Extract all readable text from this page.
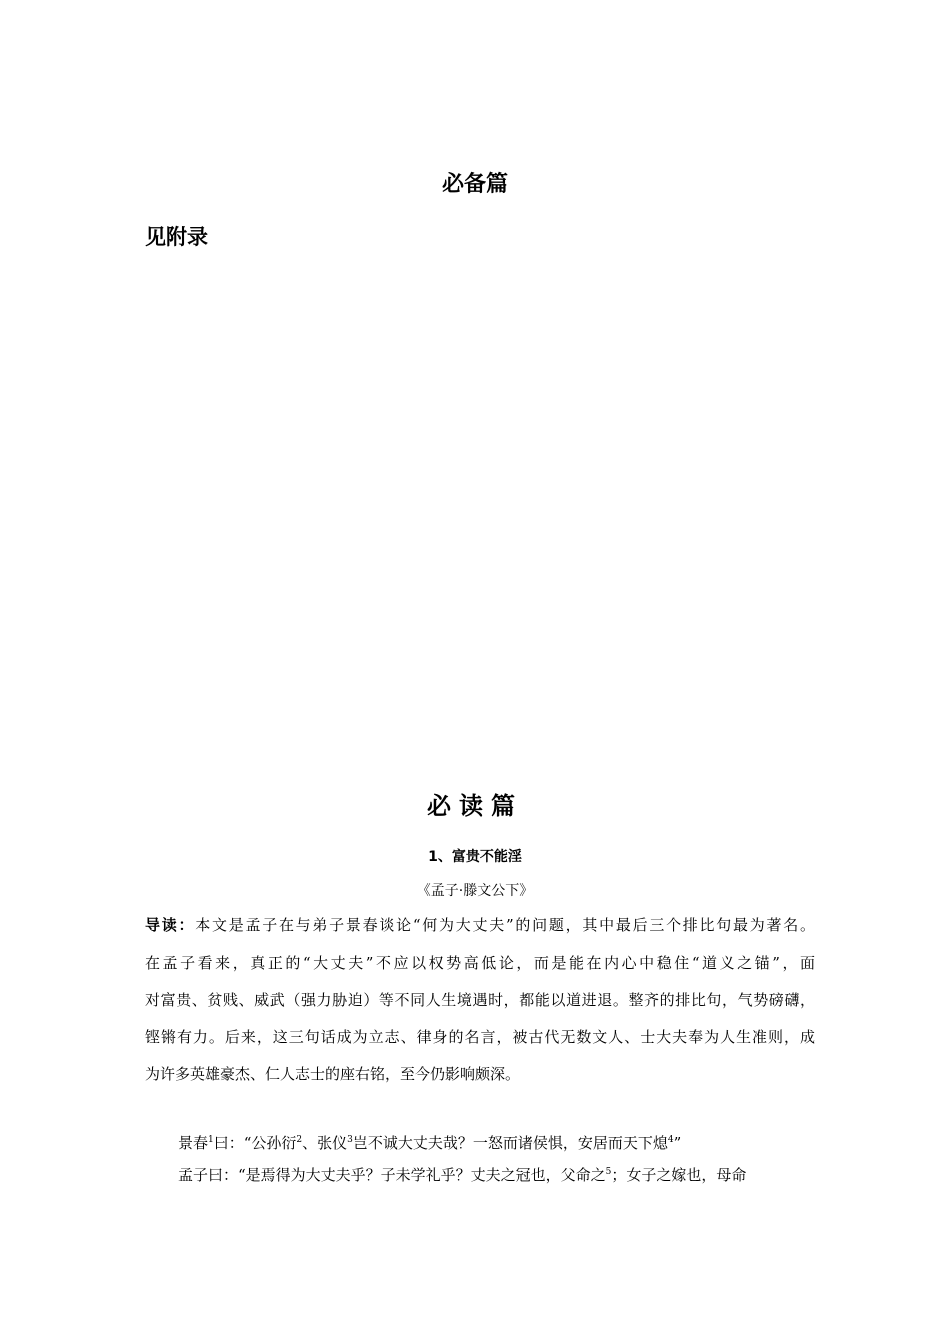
必备篇
见附录
必读篇
1、富贵不能淫
《孟子·滕文公下》
导读：本文是孟子在与弟子景春谈论“何为大丈夫”的问题，其中最后三个排比句最为著名。
在孟子看来，真正的“大丈夫”不应以权势高低论，而是能在内心中稳住“道义之锚”，面
对富贵、贫贱、威武（强力胁迫）等不同人生境遇时，都能以道进退。整齐的排比句，气势磅礴，
铿锵有力。后来，这三句话成为立志、律身的名言，被古代无数文人、士大夫奉为人生准则，成
为许多英雄豪杰、仁人志士的座右铭，至今仍影响颇深。
景春$^1$曰：“公孙衍$^2$、张仪$^3$岂不诚大丈夫哉？一怒而诸侯惧，安居而天下熄$^4$”
孟子曰：“是焉得为大丈夫乎？子未学礼乎？丈夫之冠也，父命之$^5$；女子之嫁也，母命
